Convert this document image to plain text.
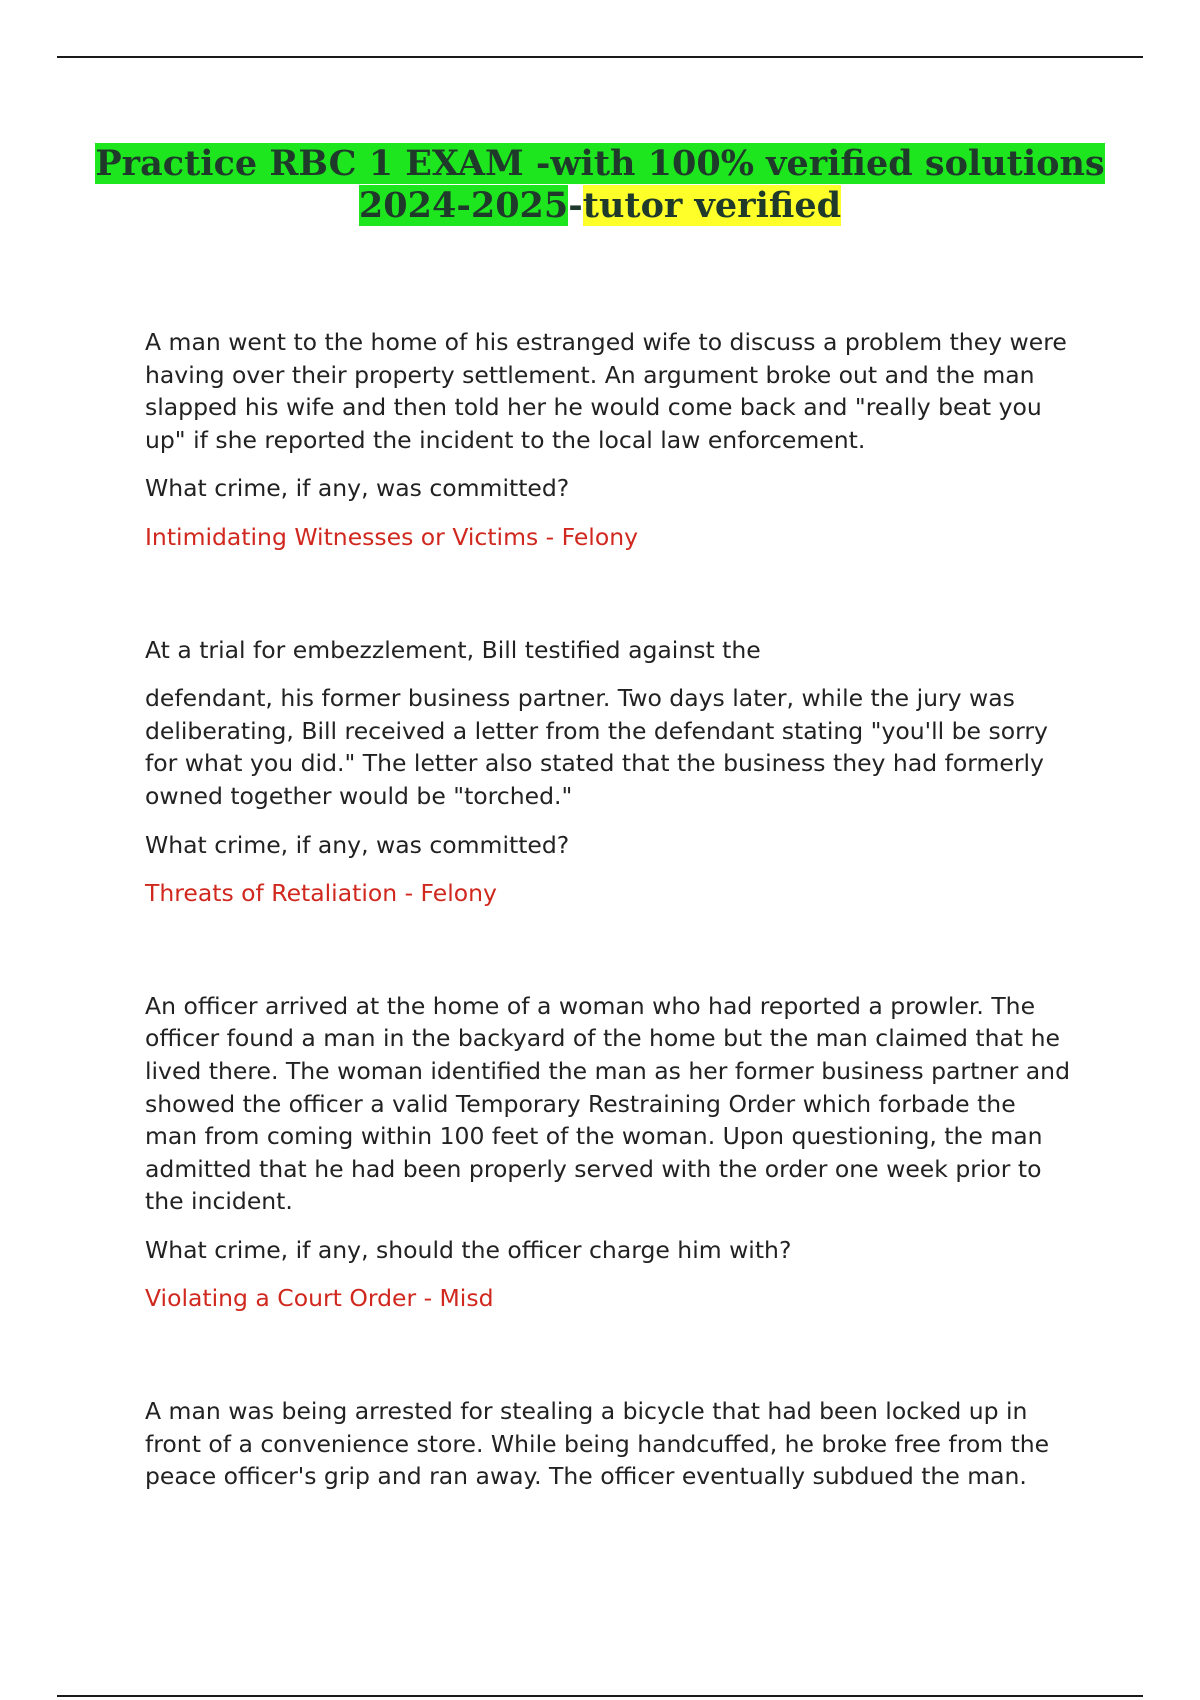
Practice RBC 1 EXAM -with 100% verified solutions
2024-2025-tutor verified

A man went to the home of his estranged wife to discuss a problem they were having over their property settlement. An argument broke out and the man slapped his wife and then told her he would come back and "really beat you up" if she reported the incident to the local law enforcement.

What crime, if any, was committed?

Intimidating Witnesses or Victims - Felony

At a trial for embezzlement, Bill testified against the

defendant, his former business partner. Two days later, while the jury was deliberating, Bill received a letter from the defendant stating "you'll be sorry for what you did." The letter also stated that the business they had formerly owned together would be "torched."

What crime, if any, was committed?

Threats of Retaliation - Felony

An officer arrived at the home of a woman who had reported a prowler. The officer found a man in the backyard of the home but the man claimed that he lived there. The woman identified the man as her former business partner and showed the officer a valid Temporary Restraining Order which forbade the man from coming within 100 feet of the woman. Upon questioning, the man admitted that he had been properly served with the order one week prior to the incident.

What crime, if any, should the officer charge him with?

Violating a Court Order - Misd

A man was being arrested for stealing a bicycle that had been locked up in front of a convenience store. While being handcuffed, he broke free from the peace officer's grip and ran away. The officer eventually subdued the man.
